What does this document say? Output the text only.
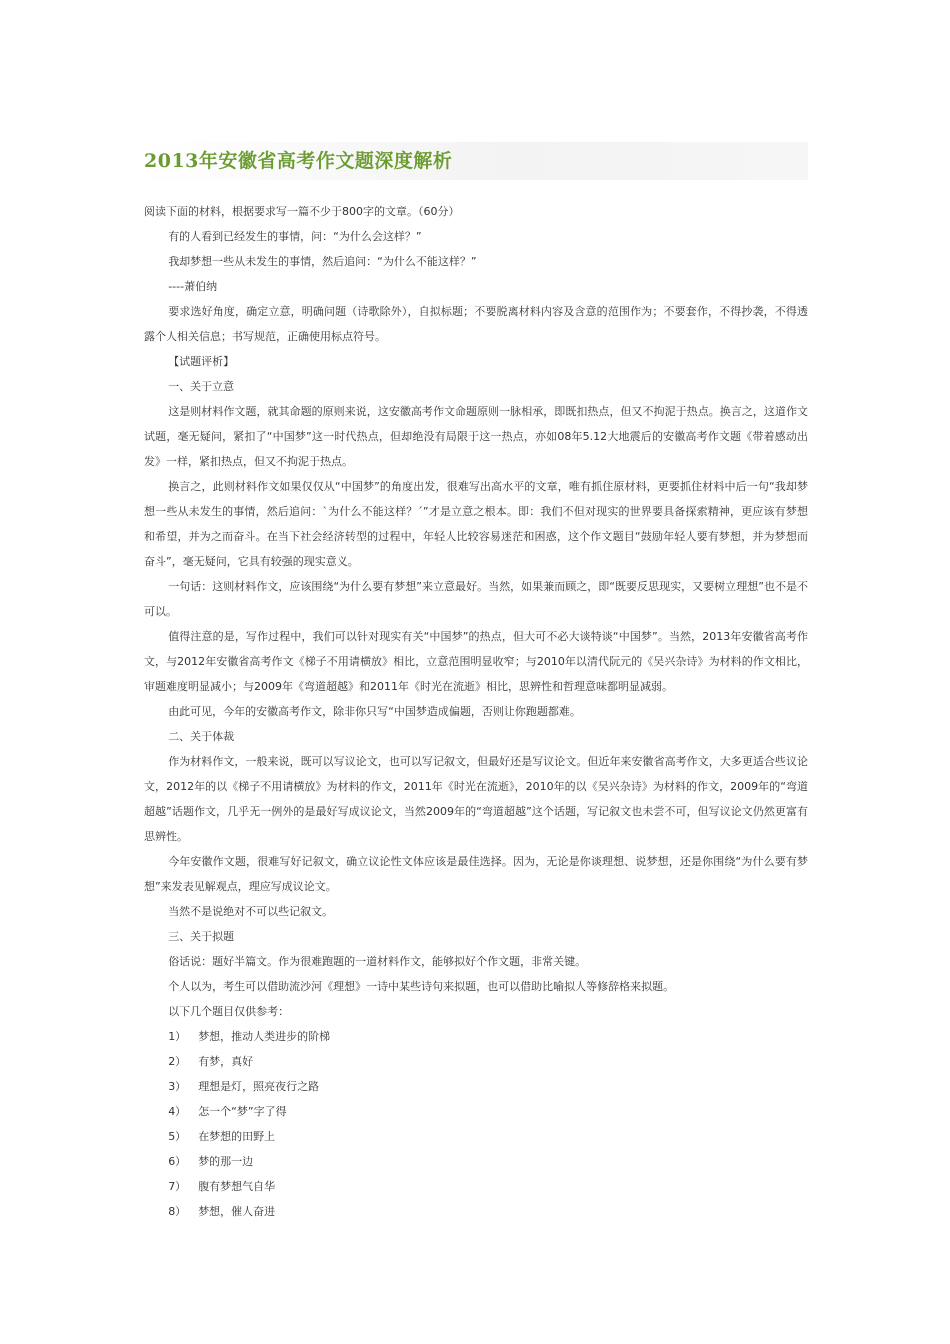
2013年安徽省高考作文题深度解析

阅读下面的材料，根据要求写一篇不少于800字的文章。（60分）

有的人看到已经发生的事情，问：“为什么会这样？”

我却梦想一些从未发生的事情，然后追问：“为什么不能这样？”

----萧伯纳

要求选好角度，确定立意，明确问题（诗歌除外），自拟标题；不要脱离材料内容及含意的范围作为；不要套作，不得抄袭，不得透露个人相关信息；书写规范，正确使用标点符号。

【试题评析】

一、关于立意

这是则材料作文题，就其命题的原则来说，这安徽高考作文命题原则一脉相承，即既扣热点，但又不拘泥于热点。换言之，这道作文试题，毫无疑问，紧扣了“中国梦”这一时代热点，但却绝没有局限于这一热点，亦如08年5.12大地震后的安徽高考作文题《带着感动出发》一样，紧扣热点，但又不拘泥于热点。

换言之，此则材料作文如果仅仅从“中国梦”的角度出发，很难写出高水平的文章，唯有抓住原材料，更要抓住材料中后一句“我却梦想一些从未发生的事情，然后追问：`为什么不能这样？´”才是立意之根本。即：我们不但对现实的世界要具备探索精神，更应该有梦想和希望，并为之而奋斗。在当下社会经济转型的过程中，年轻人比较容易迷茫和困惑，这个作文题目“鼓励年轻人要有梦想，并为梦想而奋斗”，毫无疑问，它具有较强的现实意义。

一句话：这则材料作文，应该围绕“为什么要有梦想”来立意最好。当然，如果兼而顾之，即“既要反思现实，又要树立理想”也不是不可以。

值得注意的是，写作过程中，我们可以针对现实有关“中国梦”的热点，但大可不必大谈特谈“中国梦”。当然，2013年安徽省高考作文，与2012年安徽省高考作文《梯子不用请横放》相比，立意范围明显收窄；与2010年以清代阮元的《吴兴杂诗》为材料的作文相比，审题难度明显减小；与2009年《弯道超越》和2011年《时光在流逝》相比，思辨性和哲理意味都明显减弱。

由此可见，今年的安徽高考作文，除非你只写“中国梦造成偏题，否则让你跑题都难。

二、关于体裁

作为材料作文，一般来说，既可以写议论文，也可以写记叙文，但最好还是写议论文。但近年来安徽省高考作文，大多更适合些议论文，2012年的以《梯子不用请横放》为材料的作文，2011年《时光在流逝》，2010年的以《吴兴杂诗》为材料的作文，2009年的“弯道超越”话题作文，几乎无一例外的是最好写成议论文，当然2009年的“弯道超越”这个话题，写记叙文也未尝不可，但写议论文仍然更富有思辨性。

今年安徽作文题，很难写好记叙文，确立议论性文体应该是最佳选择。因为，无论是你谈理想、说梦想，还是你围绕“为什么要有梦想”来发表见解观点，理应写成议论文。

当然不是说绝对不可以些记叙文。

三、关于拟题

俗话说：题好半篇文。作为很难跑题的一道材料作文，能够拟好个作文题，非常关键。

个人以为，考生可以借助流沙河《理想》一诗中某些诗句来拟题，也可以借助比喻拟人等修辞格来拟题。

以下几个题目仅供参考：

1） 梦想，推动人类进步的阶梯
2） 有梦，真好
3） 理想是灯，照亮夜行之路
4） 怎一个“梦”字了得
5） 在梦想的田野上
6） 梦的那一边
7） 腹有梦想气自华
8） 梦想，催人奋进
